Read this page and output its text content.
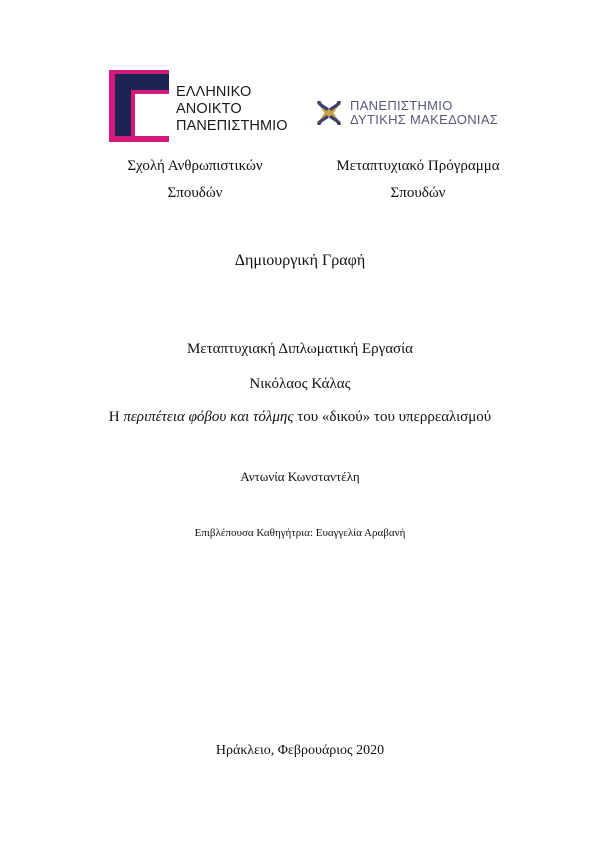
ΕΛΛΗΝΙΚΟ
ΑΝΟΙΚΤΟ
ΠΑΝΕΠΙΣΤΗΜΙΟ
ΠΑΝΕΠΙΣΤΗΜΙΟ
ΔΥΤΙΚΗΣ ΜΑΚΕΔΟΝΙΑΣ
Σχολή Ανθρωπιστικών
Σπουδών
Μεταπτυχιακό Πρόγραμμα
Σπουδών
Δημιουργική Γραφή
Μεταπτυχιακή Διπλωματική Εργασία
Νικόλαος Κάλας
Η περιπέτεια φόβου και τόλμης του «δικού» του υπερρεαλισμού
Αντωνία Κωνσταντέλη
Επιβλέπουσα Καθηγήτρια: Ευαγγελία Αραβανή
Ηράκλειο, Φεβρουάριος 2020
